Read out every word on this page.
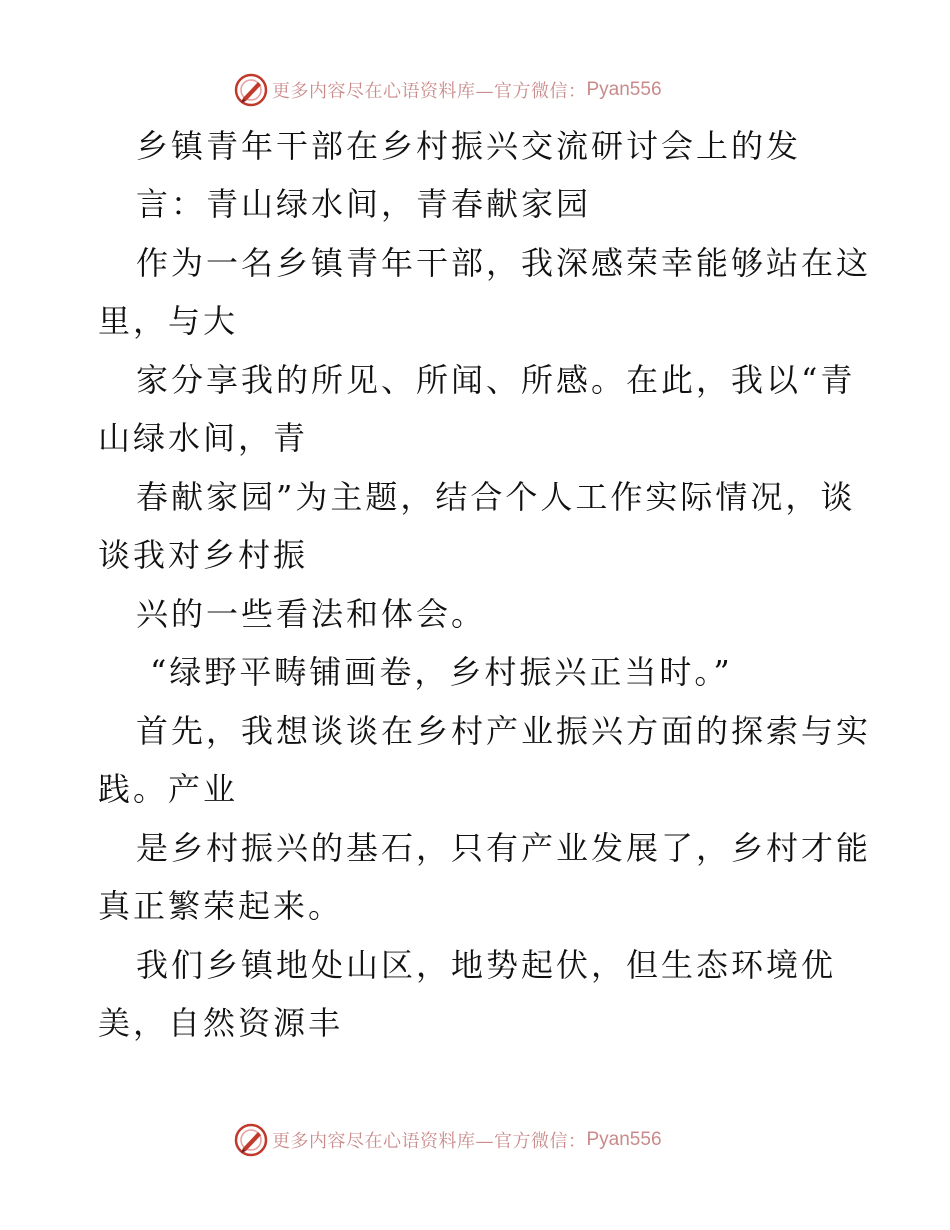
更多内容尽在心语资料库—官方微信： Pyan556
乡镇青年干部在乡村振兴交流研讨会上的发
言：青山绿水间，青春献家园
作为一名乡镇青年干部，我深感荣幸能够站在这
里，与大
家分享我的所见、所闻、所感。在此，我以“青
山绿水间，青
春献家园”为主题，结合个人工作实际情况，谈
谈我对乡村振
兴的一些看法和体会。
“绿野平畴铺画卷，乡村振兴正当时。”
首先，我想谈谈在乡村产业振兴方面的探索与实
践。产业
是乡村振兴的基石，只有产业发展了，乡村才能
真正繁荣起来。
我们乡镇地处山区，地势起伏，但生态环境优
美，自然资源丰
更多内容尽在心语资料库—官方微信： Pyan556
